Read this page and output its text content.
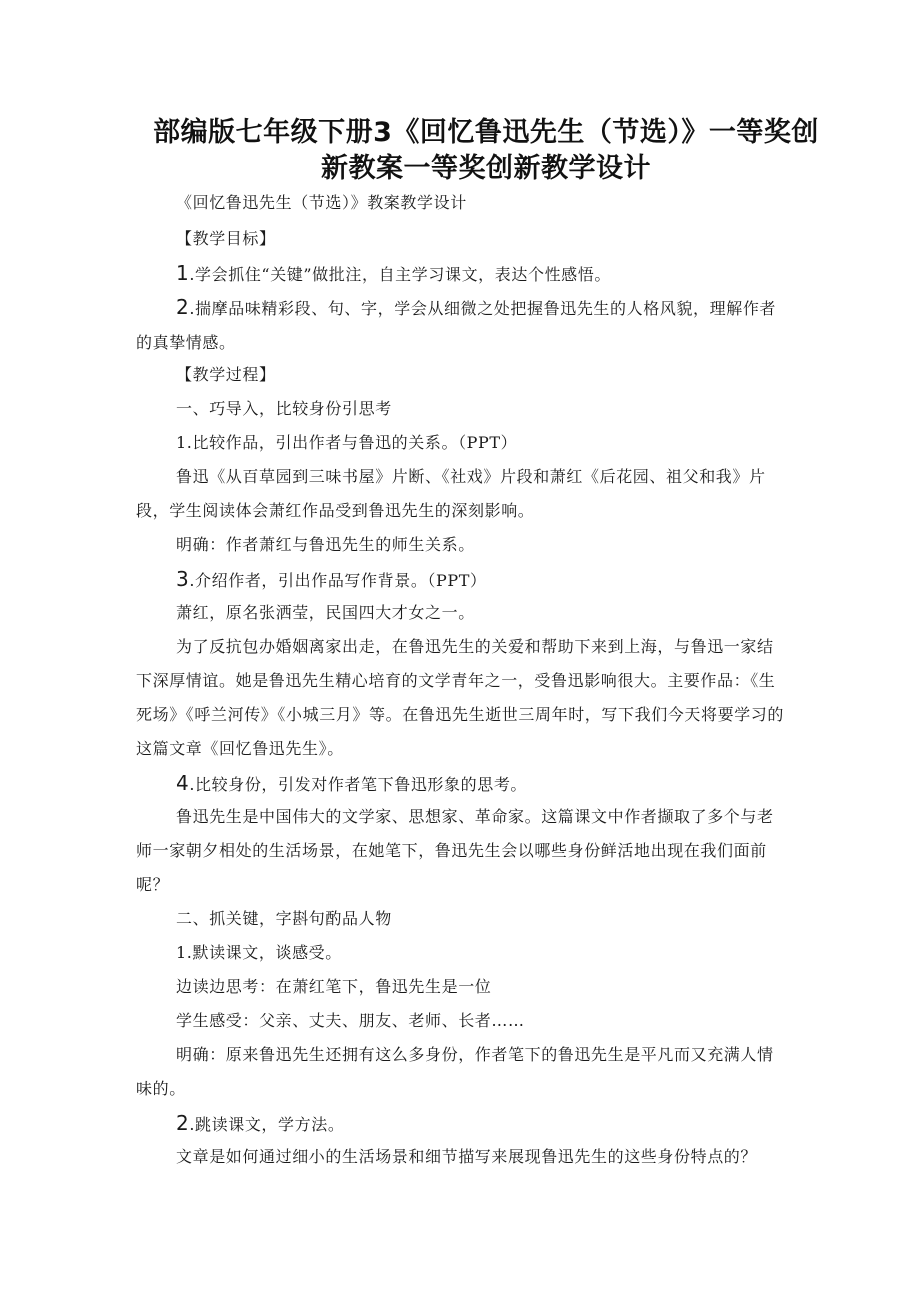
部编版七年级下册3《回忆鲁迅先生（节选）》一等奖创
新教案一等奖创新教学设计
《回忆鲁迅先生（节选）》教案教学设计
【教学目标】
1.学会抓住“关键”做批注，自主学习课文，表达个性感悟。
2.揣摩品味精彩段、句、字，学会从细微之处把握鲁迅先生的人格风貌，理解作者的真挚情感。
【教学过程】
一、巧导入，比较身份引思考
1.比较作品，引出作者与鲁迅的关系。（PPT）
鲁迅《从百草园到三味书屋》片断、《社戏》片段和萧红《后花园、祖父和我》片段，学生阅读体会萧红作品受到鲁迅先生的深刻影响。
明确：作者萧红与鲁迅先生的师生关系。
3.介绍作者，引出作品写作背景。（PPT）
萧红，原名张洒莹，民国四大才女之一。
为了反抗包办婚姻离家出走，在鲁迅先生的关爱和帮助下来到上海，与鲁迅一家结下深厚情谊。她是鲁迅先生精心培育的文学青年之一，受鲁迅影响很大。主要作品：《生死场》《呼兰河传》《小城三月》等。在鲁迅先生逝世三周年时，写下我们今天将要学习的这篇文章《回忆鲁迅先生》。
4.比较身份，引发对作者笔下鲁迅形象的思考。
鲁迅先生是中国伟大的文学家、思想家、革命家。这篇课文中作者撷取了多个与老师一家朝夕相处的生活场景，在她笔下，鲁迅先生会以哪些身份鲜活地出现在我们面前呢？
二、抓关键，字斟句酌品人物
1.默读课文，谈感受。
边读边思考：在萧红笔下，鲁迅先生是一位
学生感受：父亲、丈夫、朋友、老师、长者……
明确：原来鲁迅先生还拥有这么多身份，作者笔下的鲁迅先生是平凡而又充满人情味的。
2.跳读课文，学方法。
文章是如何通过细小的生活场景和细节描写来展现鲁迅先生的这些身份特点的？
